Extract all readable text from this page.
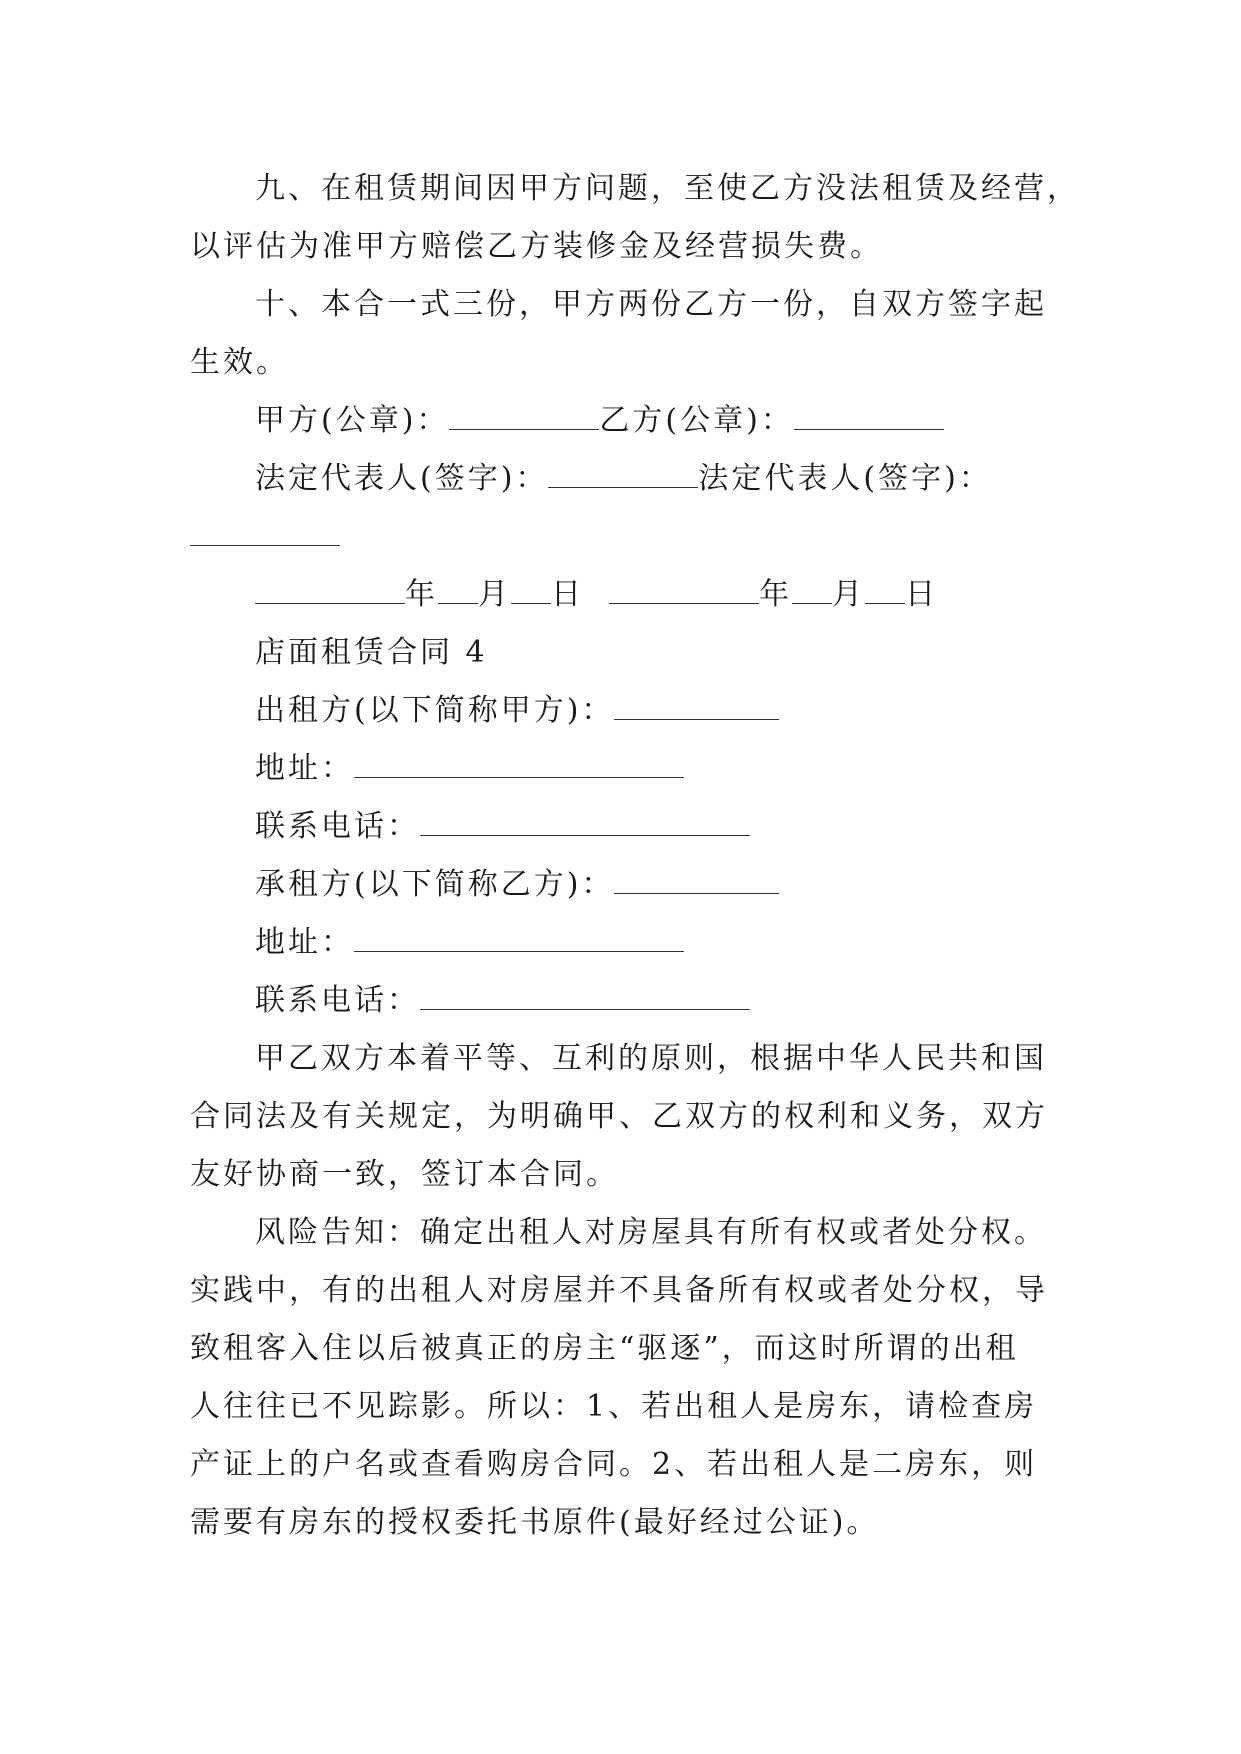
九、在租赁期间因甲方问题，至使乙方没法租赁及经营，
以评估为准甲方赔偿乙方装修金及经营损失费。
十、本合一式三份，甲方两份乙方一份，自双方签字起
生效。
甲方(公章)：	乙方(公章)：
法定代表人(签字)：	法定代表人(签字)：
年 月 日	年 月 日
店面租赁合同 4
出租方(以下简称甲方)：
地址：
联系电话：
承租方(以下简称乙方)：
地址：
联系电话：
甲乙双方本着平等、互利的原则，根据中华人民共和国
合同法及有关规定，为明确甲、乙双方的权利和义务，双方
友好协商一致，签订本合同。
风险告知：确定出租人对房屋具有所有权或者处分权。
实践中，有的出租人对房屋并不具备所有权或者处分权，导
致租客入住以后被真正的房主“驱逐”，而这时所谓的出租
人往往已不见踪影。所以：1、若出租人是房东，请检查房
产证上的户名或查看购房合同。2、若出租人是二房东，则
需要有房东的授权委托书原件(最好经过公证)。
